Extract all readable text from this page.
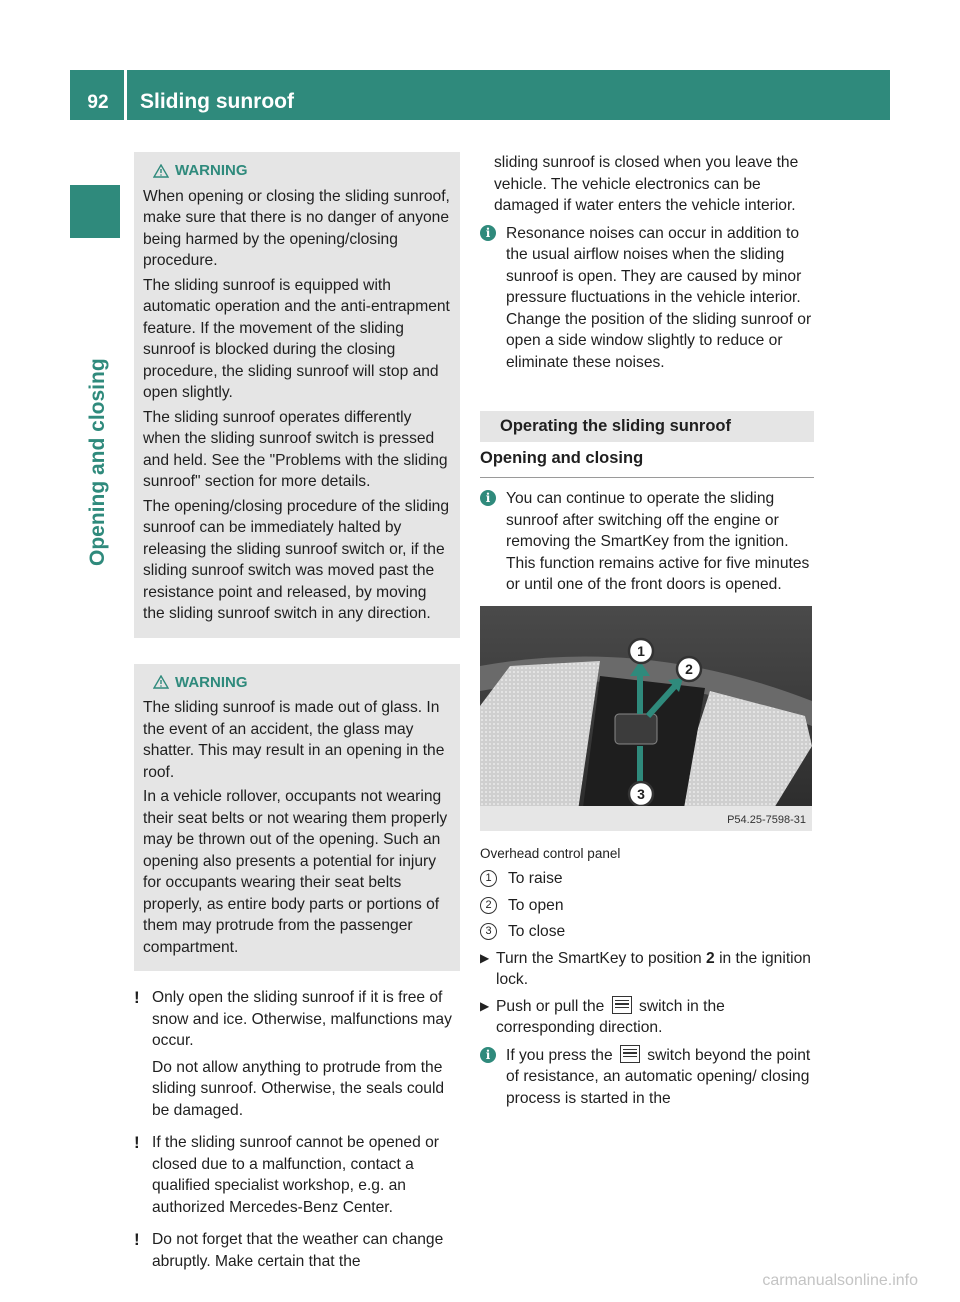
92	Sliding sunroof
Opening and closing
WARNING

When opening or closing the sliding sunroof, make sure that there is no danger of anyone being harmed by the opening/closing procedure.

The sliding sunroof is equipped with automatic operation and the anti-entrapment feature. If the movement of the sliding sunroof is blocked during the closing procedure, the sliding sunroof will stop and open slightly.

The sliding sunroof operates differently when the sliding sunroof switch is pressed and held. See the "Problems with the sliding sunroof" section for more details.

The opening/closing procedure of the sliding sunroof can be immediately halted by releasing the sliding sunroof switch or, if the sliding sunroof switch was moved past the resistance point and released, by moving the sliding sunroof switch in any direction.

WARNING

The sliding sunroof is made out of glass. In the event of an accident, the glass may shatter. This may result in an opening in the roof.

In a vehicle rollover, occupants not wearing their seat belts or not wearing them properly may be thrown out of the opening. Such an opening also presents a potential for injury for occupants wearing their seat belts properly, as entire body parts or portions of them may protrude from the passenger compartment.

! Only open the sliding sunroof if it is free of snow and ice. Otherwise, malfunctions may occur.

Do not allow anything to protrude from the sliding sunroof. Otherwise, the seals could be damaged.

! If the sliding sunroof cannot be opened or closed due to a malfunction, contact a qualified specialist workshop, e.g. an authorized Mercedes-Benz Center.

! Do not forget that the weather can change abruptly. Make certain that the

sliding sunroof is closed when you leave the vehicle. The vehicle electronics can be damaged if water enters the vehicle interior.

i	Resonance noises can occur in addition to the usual airflow noises when the sliding sunroof is open. They are caused by minor pressure fluctuations in the vehicle interior. Change the position of the sliding sunroof or open a side window slightly to reduce or eliminate these noises.
Operating the sliding sunroof
Opening and closing
i	You can continue to operate the sliding sunroof after switching off the engine or removing the SmartKey from the ignition. This function remains active for five minutes or until one of the front doors is opened.
1
2
3
P54.25-7598-31
Overhead control panel
1	To raise
2	To open
3	To close
▶ Turn the SmartKey to position 2 in the ignition lock.
▶ Push or pull the
switch in the corresponding direction.
i	If you press the
switch beyond the point of resistance, an automatic opening/ closing process is started in the
carmanualsonline.info
